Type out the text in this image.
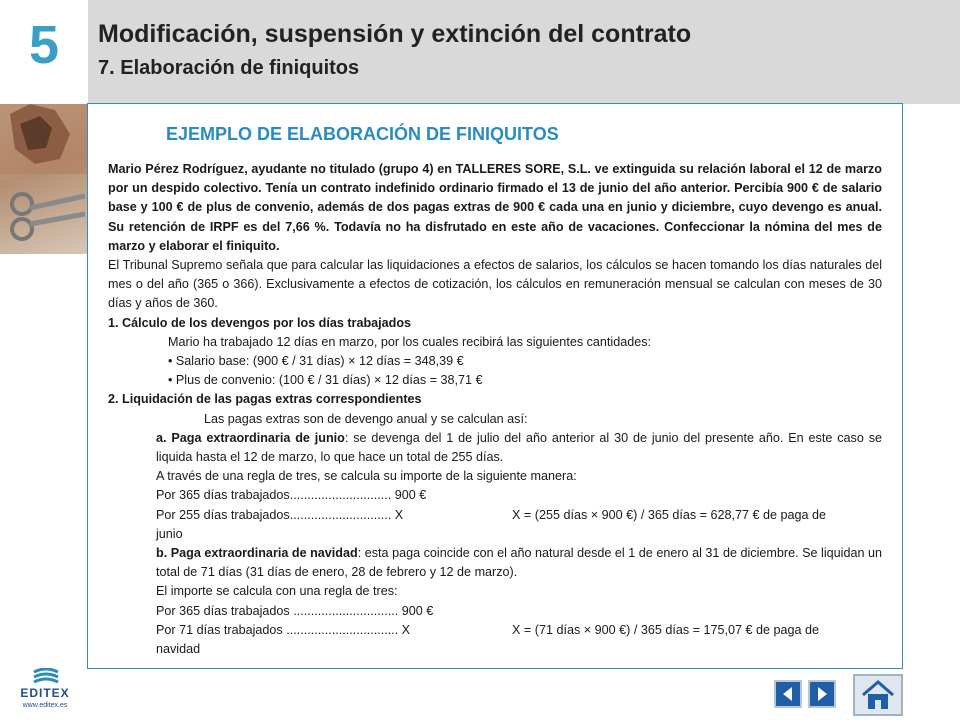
5	Modificación, suspensión y extinción del contrato
7. Elaboración de finiquitos
EJEMPLO DE ELABORACIÓN DE FINIQUITOS

Mario Pérez Rodríguez, ayudante no titulado (grupo 4) en TALLERES SORE, S.L. ve extinguida su relación laboral el 12 de marzo por un despido colectivo. Tenía un contrato indefinido ordinario firmado el 13 de junio del año anterior. Percibía 900 € de salario base y 100 € de plus de convenio, además de dos pagas extras de 900 € cada una en junio y diciembre, cuyo devengo es anual. Su retención de IRPF es del 7,66 %. Todavía no ha disfrutado en este año de vacaciones. Confeccionar la nómina del mes de marzo y elaborar el finiquito.

El Tribunal Supremo señala que para calcular las liquidaciones a efectos de salarios, los cálculos se hacen tomando los días naturales del mes o del año (365 o 366). Exclusivamente a efectos de cotización, los cálculos en remuneración mensual se calculan con meses de 30 días y años de 360.

1. Cálculo de los devengos por los días trabajados

Mario ha trabajado 12 días en marzo, por los cuales recibirá las siguientes cantidades:

• Salario base: (900 € / 31 días) × 12 días = 348,39 €

• Plus de convenio: (100 € / 31 días) × 12 días = 38,71 €

2. Liquidación de las pagas extras correspondientes

Las pagas extras son de devengo anual y se calculan así:

a. Paga extraordinaria de junio: se devenga del 1 de julio del año anterior al 30 de junio del presente año. En este caso se liquida hasta el 12 de marzo, lo que hace un total de 255 días.

A través de una regla de tres, se calcula su importe de la siguiente manera:

Por 365 días trabajados............................. 900 €

Por 255 días trabajados............................. X	X = (255 días × 900 €) / 365 días = 628,77 € de paga de

junio

b. Paga extraordinaria de navidad: esta paga coincide con el año natural desde el 1 de enero al 31 de diciembre. Se liquidan un total de 71 días (31 días de enero, 28 de febrero y 12 de marzo).

El importe se calcula con una regla de tres:

Por 365 días trabajados .............................. 900 €

Por 71 días trabajados ................................ X	X = (71 días × 900 €) / 365 días = 175,07 € de paga de

navidad

EDITEX
www.editex.es
